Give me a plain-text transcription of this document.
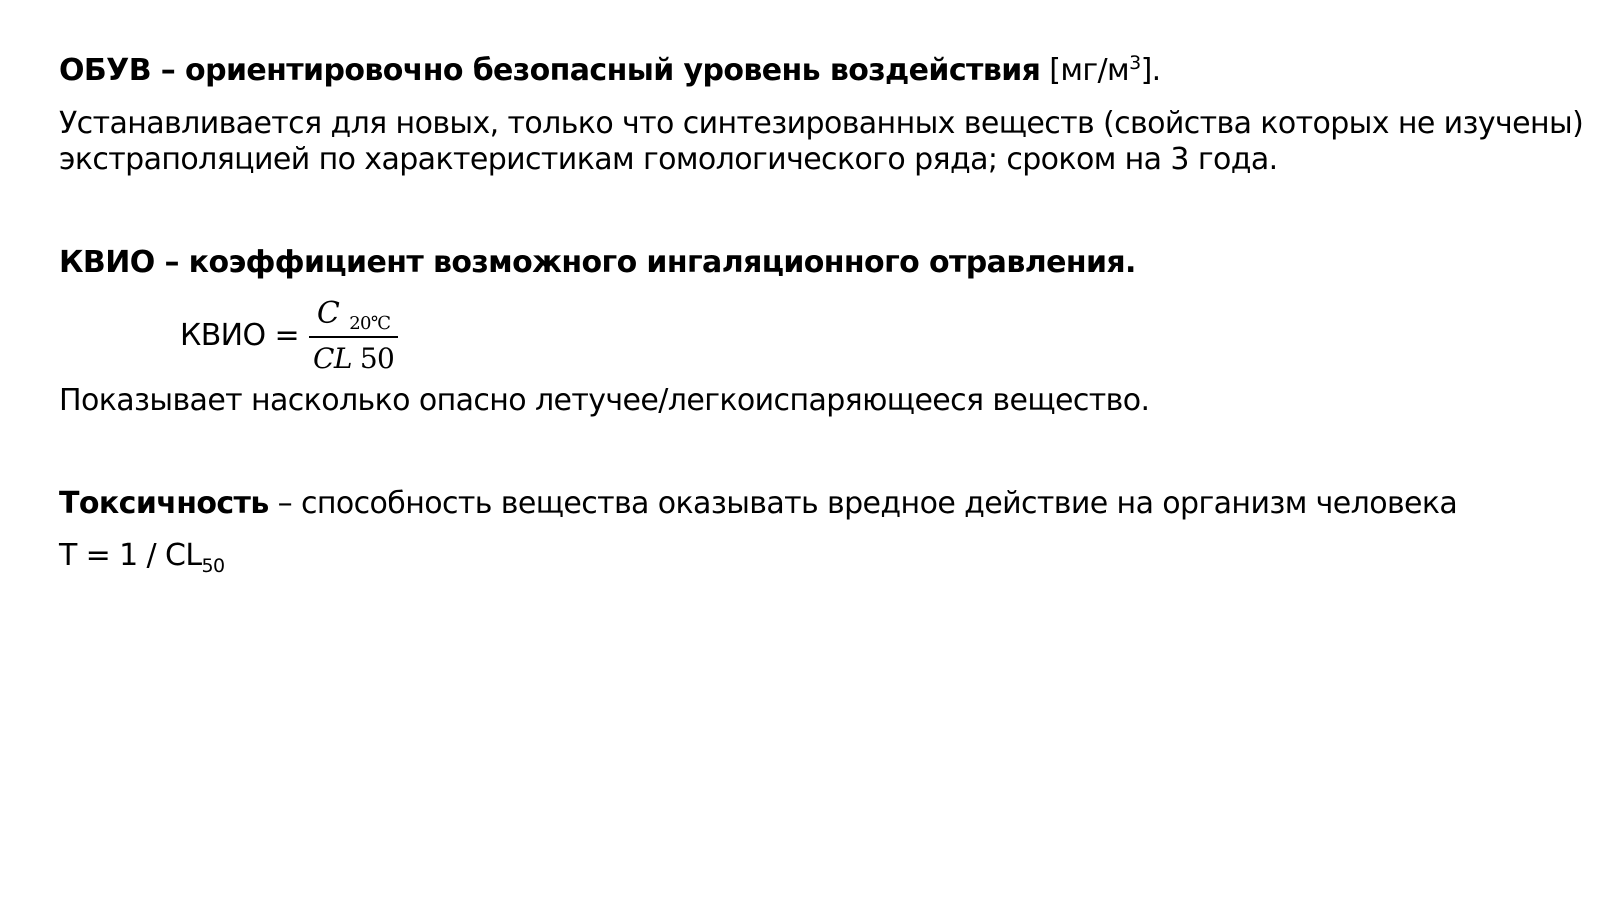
ОБУВ – ориентировочно безопасный уровень воздействия $[мг/м^3]$.
Устанавливается для новых, только что синтезированных веществ (свойства которых не изучены)
экстраполяцией по характеристикам гомологического ряда; сроком на 3 года.
КВИО – коэффициент возможного ингаляционного отравления.
КВИО = $\frac{C _{20℃}}{CL 50}$
Показывает насколько опасно летучее/легкоиспаряющееся вещество.
Токсичность – способность вещества оказывать вредное действие на организм человека
$T = 1 / CL_{50}$
